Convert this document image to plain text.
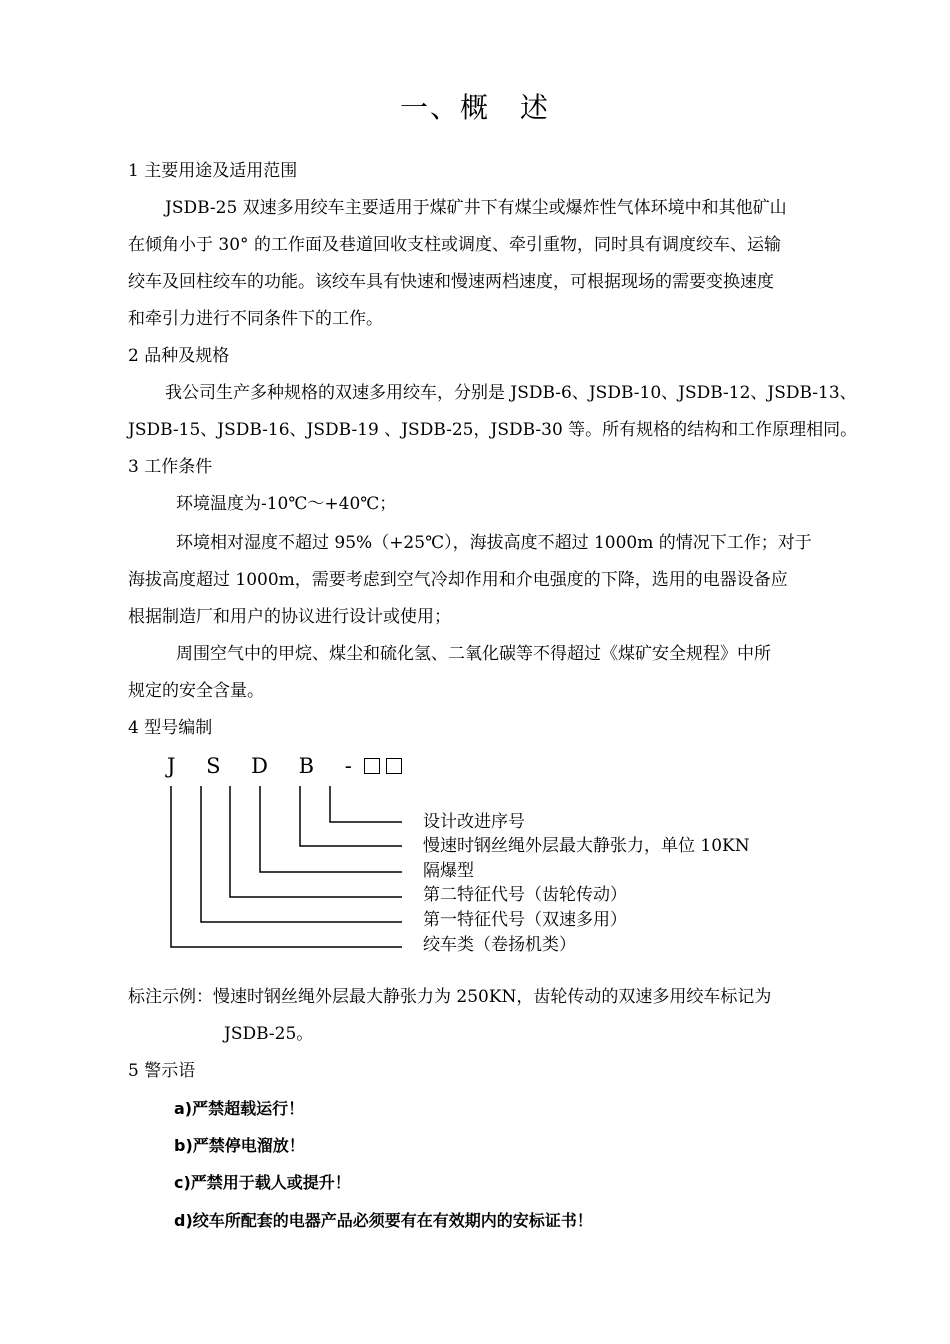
一、概　述
1 主要用途及适用范围
JSDB-25 双速多用绞车主要适用于煤矿井下有煤尘或爆炸性气体环境中和其他矿山
在倾角小于 30° 的工作面及巷道回收支柱或调度、牵引重物，同时具有调度绞车、运输
绞车及回柱绞车的功能。该绞车具有快速和慢速两档速度，可根据现场的需要变换速度
和牵引力进行不同条件下的工作。
2 品种及规格
我公司生产多种规格的双速多用绞车，分别是 JSDB-6、JSDB-10、JSDB-12、JSDB-13、
JSDB-15、JSDB-16、JSDB-19 、JSDB-25，JSDB-30 等。所有规格的结构和工作原理相同。
3 工作条件
环境温度为-10℃～+40℃；
环境相对湿度不超过 95%（+25℃），海拔高度不超过 1000m 的情况下工作；对于
海拔高度超过 1000m，需要考虑到空气冷却作用和介电强度的下降，选用的电器设备应
根据制造厂和用户的协议进行设计或使用；
周围空气中的甲烷、煤尘和硫化氢、二氧化碳等不得超过《煤矿安全规程》中所
规定的安全含量。
4 型号编制
J S D B -
设计改进序号
慢速时钢丝绳外层最大静张力，单位 10KN
隔爆型
第二特征代号（齿轮传动）
第一特征代号（双速多用）
绞车类（卷扬机类）
标注示例：慢速时钢丝绳外层最大静张力为 250KN，齿轮传动的双速多用绞车标记为
JSDB-25。
5 警示语
a)严禁超载运行！
b)严禁停电溜放！
c)严禁用于载人或提升！
d)绞车所配套的电器产品必须要有在有效期内的安标证书！
